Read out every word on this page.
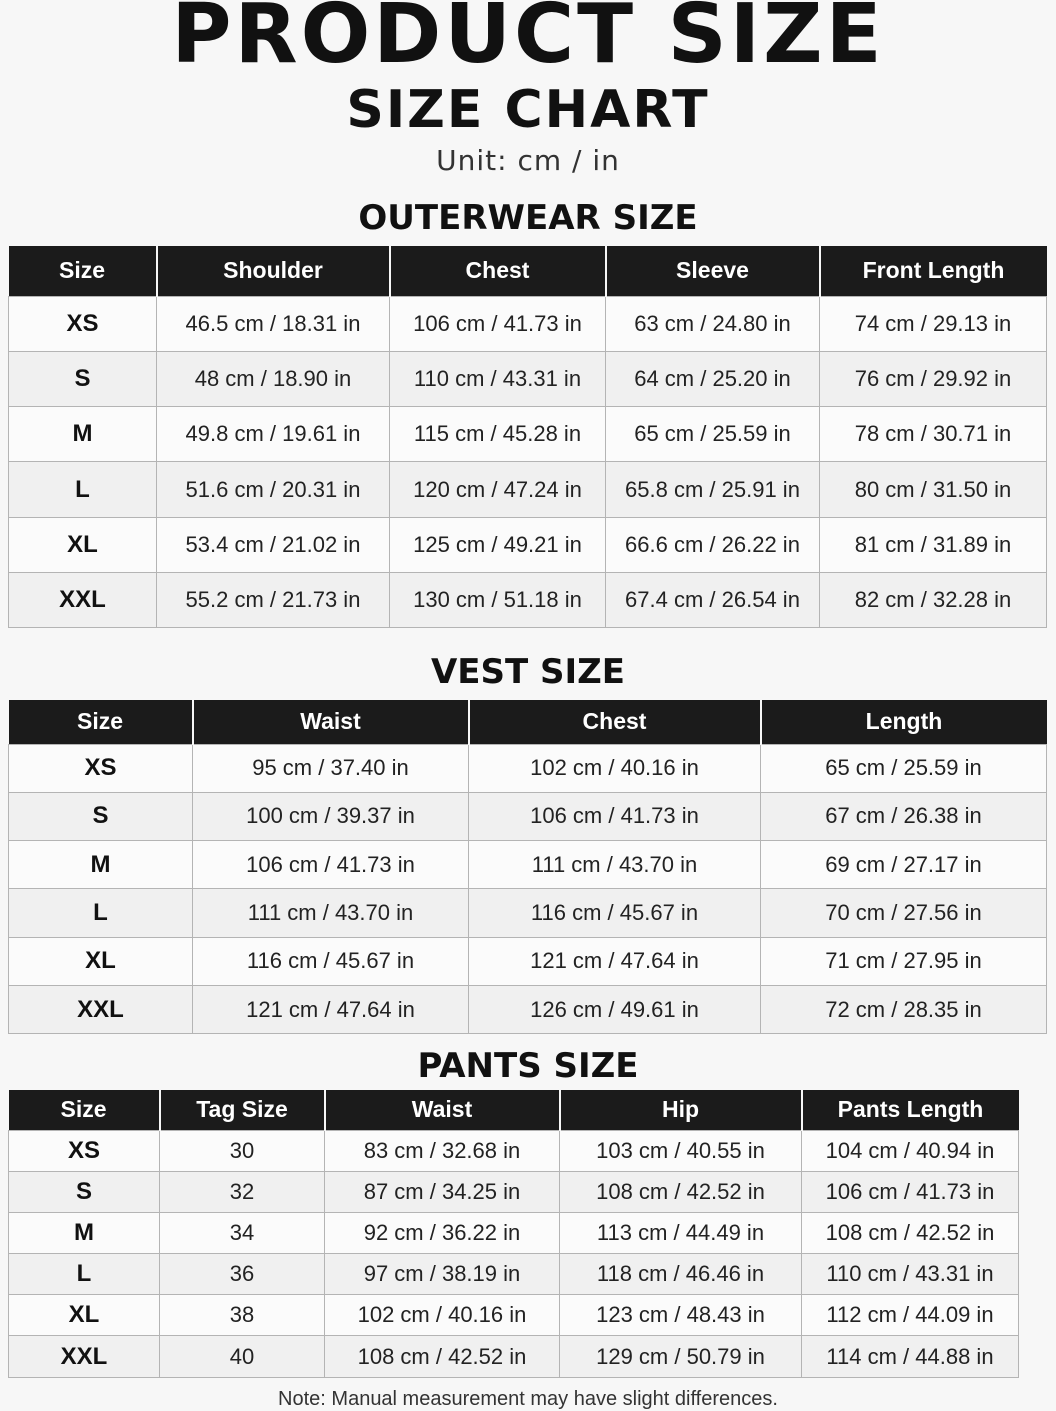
PRODUCT SIZE
SIZE CHART
Unit: cm / in
OUTERWEAR SIZE
Size	Shoulder	Chest	Sleeve	Front Length
XS	46.5 cm / 18.31 in	106 cm / 41.73 in	63 cm / 24.80 in	74 cm / 29.13 in
S	48 cm / 18.90 in	110 cm / 43.31 in	64 cm / 25.20 in	76 cm / 29.92 in
M	49.8 cm / 19.61 in	115 cm / 45.28 in	65 cm / 25.59 in	78 cm / 30.71 in
L	51.6 cm / 20.31 in	120 cm / 47.24 in	65.8 cm / 25.91 in	80 cm / 31.50 in
XL	53.4 cm / 21.02 in	125 cm / 49.21 in	66.6 cm / 26.22 in	81 cm / 31.89 in
XXL	55.2 cm / 21.73 in	130 cm / 51.18 in	67.4 cm / 26.54 in	82 cm / 32.28 in
VEST SIZE
Size	Waist	Chest	Length
XS	95 cm / 37.40 in	102 cm / 40.16 in	65 cm / 25.59 in
S	100 cm / 39.37 in	106 cm / 41.73 in	67 cm / 26.38 in
M	106 cm / 41.73 in	111 cm / 43.70 in	69 cm / 27.17 in
L	111 cm / 43.70 in	116 cm / 45.67 in	70 cm / 27.56 in
XL	116 cm / 45.67 in	121 cm / 47.64 in	71 cm / 27.95 in
XXL	121 cm / 47.64 in	126 cm / 49.61 in	72 cm / 28.35 in
PANTS SIZE
Size	Tag Size	Waist	Hip	Pants Length
XS	30	83 cm / 32.68 in	103 cm / 40.55 in	104 cm / 40.94 in
S	32	87 cm / 34.25 in	108 cm / 42.52 in	106 cm / 41.73 in
M	34	92 cm / 36.22 in	113 cm / 44.49 in	108 cm / 42.52 in
L	36	97 cm / 38.19 in	118 cm / 46.46 in	110 cm / 43.31 in
XL	38	102 cm / 40.16 in	123 cm / 48.43 in	112 cm / 44.09 in
XXL	40	108 cm / 42.52 in	129 cm / 50.79 in	114 cm / 44.88 in
Note: Manual measurement may have slight differences.
